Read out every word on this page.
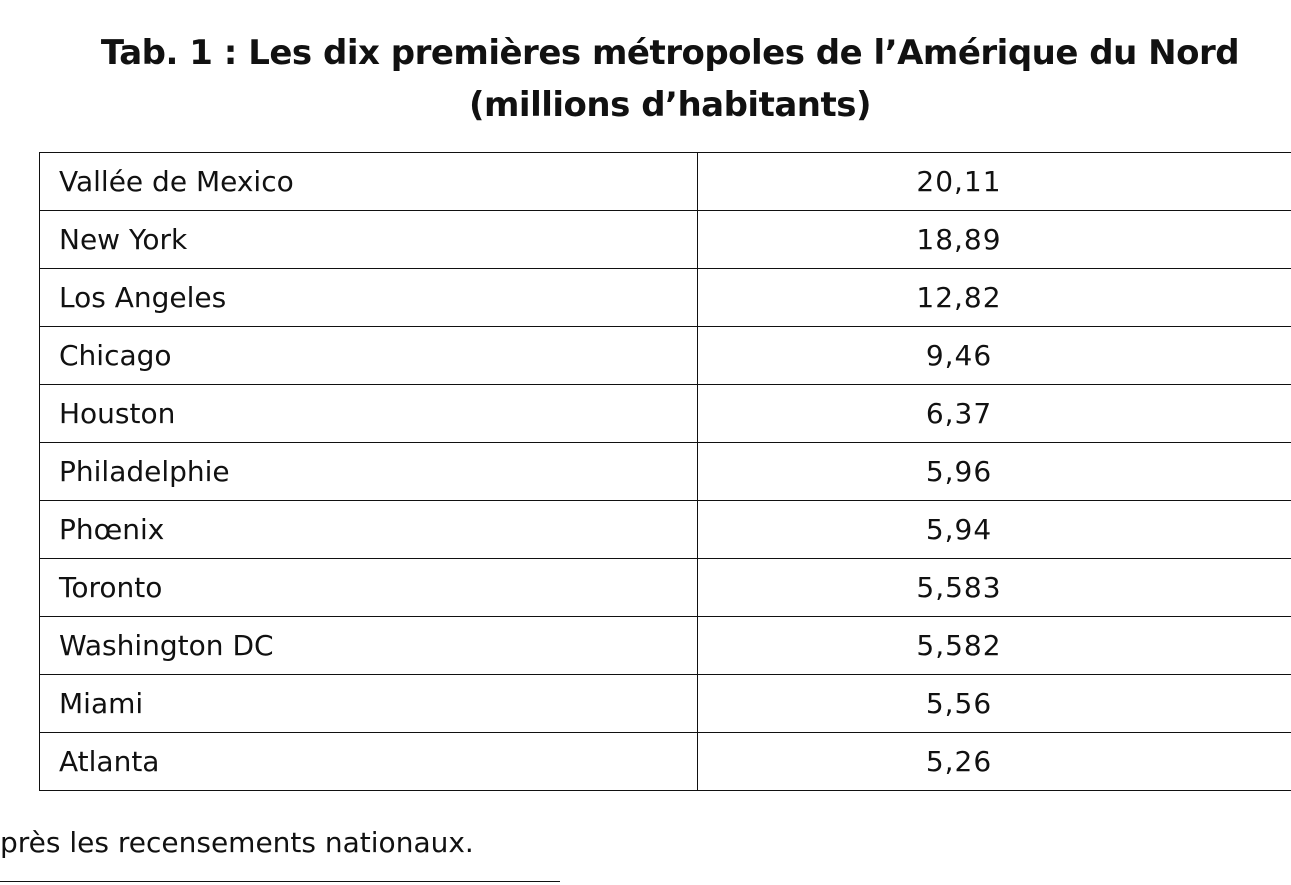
Tab. 1 : Les dix premières métropoles de l’Amérique du Nord
(millions d’habitants)
Vallée de Mexico	20,11
New York	18,89
Los Angeles	12,82
Chicago	9,46
Houston	6,37
Philadelphie	5,96
Phœnix	5,94
Toronto	5,583
Washington DC	5,582
Miami	5,56
Atlanta	5,26

près les recensements nationaux.
